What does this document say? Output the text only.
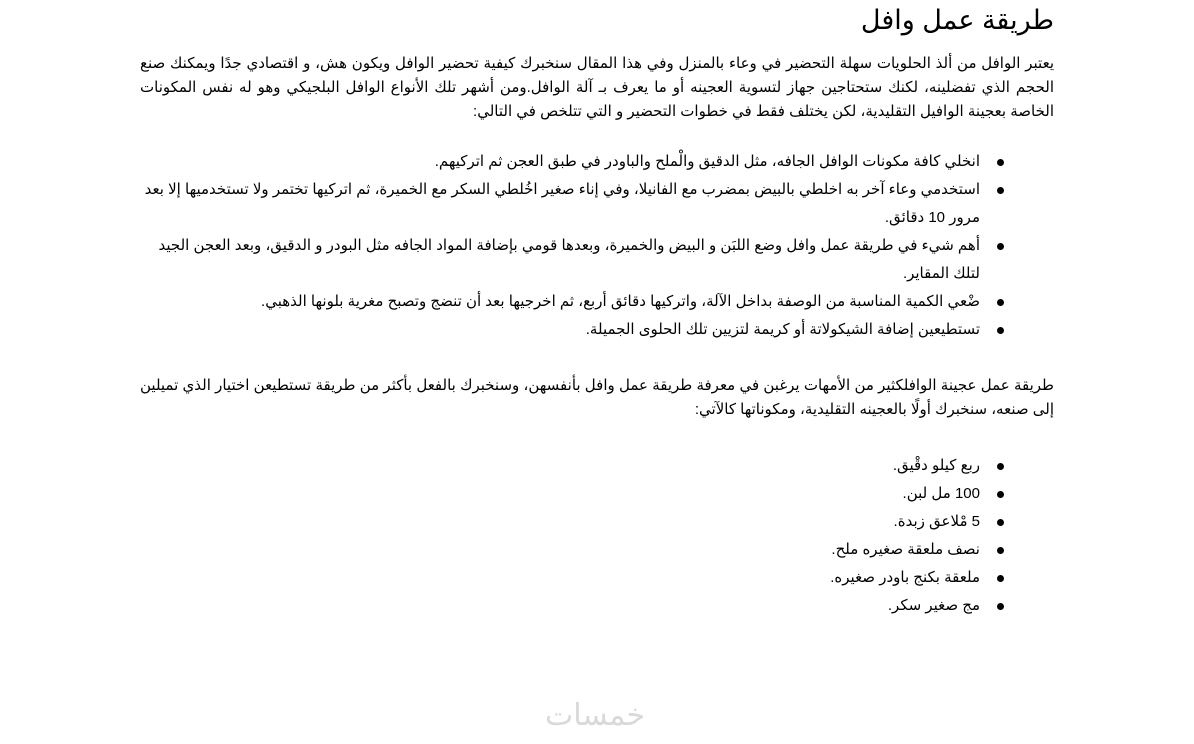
طريقة عمل وافل

يعتبر الوافل من ألذ الحلويات سهلة التحضير في وعاء بالمنزل وفي هذا المقال سنخبرك كيفية تحضير الوافل ويكون هش، و اقتصادي جدًا ويمكنك صنع الحجم الذي تفضلينه، لكنك ستحتاجين جهاز لتسوية العجينه أو ما يعرف بـ آلة الوافل.ومن أشهر تلك الأنواع الوافل البلجيكي وهو له نفس المكونات الخاصة بعجينة الوافيل التقليدية، لكن يختلف فقط في خطوات التحضير و التي تتلخص في التالي:

انخلي كافة مكونات الوافل الجافه، مثل الدقيق والْملح والباودر في طبق العجن ثم اتركيهم.
استخدمي وعاء آخر به اخلطي بالبيض بمضرب مع الفانيلا، وفي إناء صغير اخُلطي السكر مع الخميرة، ثم اتركيها تختمر ولا تستخدميها إلا بعد مرور 10 دقائق.
أهم شيء في طريقة عمل وافل وضع اللبَن و البيض والخميرة، وبعدها قومي بإضافة المواد الجافه مثل البودر و الدقيق، وبعد العجن الجيد لتلك المقاير.
ضْعي الكمية المناسبة من الوصفة بداخل الآلة، واتركيها دقائق أربع، ثم اخرجيها بعد أن تنضج وتصبح مغرية بلونها الذهبي.
تستطيعين إضافة الشيكولاتة أو كريمة لتزيين تلك الحلوى الجميلة.

طريقة عمل عجينة الوافلكثير من الأمهات يرغبن في معرفة طريقة عمل وافل بأنفسهن، وسنخبرك بالفعل بأكثر من طريقة تستطيعن اختيار الذي تميلين إلى صنعه، سنخبرك أولًا بالعجينه التقليدية، ومكوناتها كالآتي:

ربع كيلو دقْيق.
100 مل لبن.
5 مْلاعق زبدة.
نصف ملعقة صغيره ملح.
ملعقة بكنج باودر صغيره.
مج صغير سكر.
خمسات
